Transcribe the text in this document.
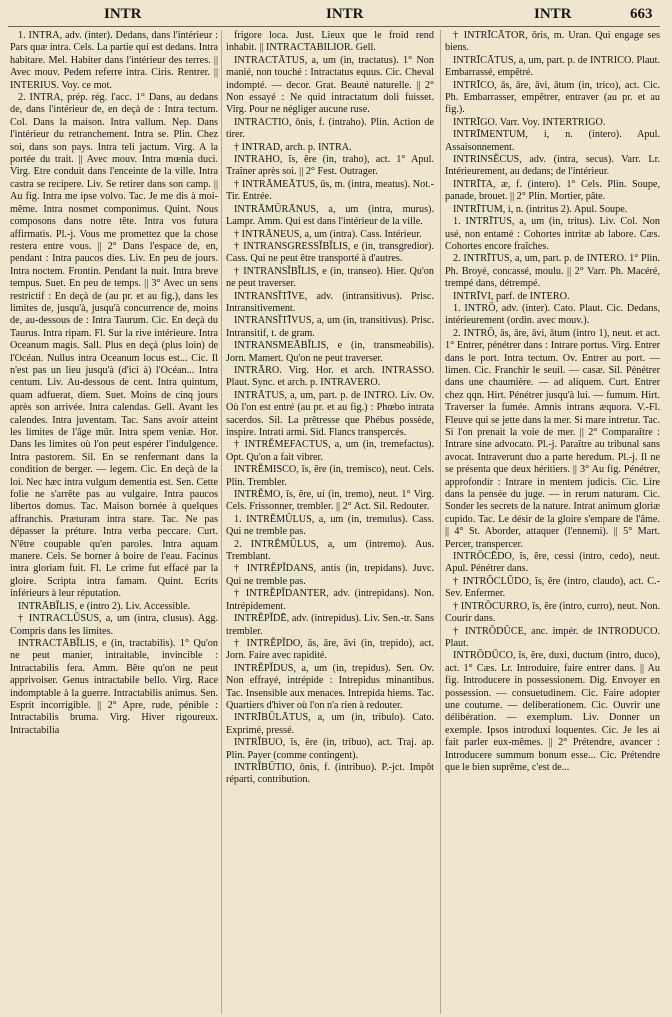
INTR	INTR	INTR	663

1. INTRA, adv. (inter). Dedans, dans l'intérieur : Pars quæ intra. Cels. La partie qui est dedans. Intra habitare. Mel. Habiter dans l'intérieur des terres. || Avec mouv. Pedem referre intra. Ciris. Rentrer. || INTERIUS. Voy. ce mot.

2. INTRA, prép. rég. l'acc. 1° Dans, au dedans de, dans l'intérieur de, en deçà de : Intra tectum. Col. Dans la maison. Intra vallum. Nep. Dans l'intérieur du retranchement. Intra se. Plin. Chez soi, dans son pays. Intra teli jactum. Virg. A la portée du trait. || Avec mouv. Intra mœnia duci. Virg. Etre conduit dans l'enceinte de la ville. Intra castra se recipere. Liv. Se retirer dans son camp. || Au fig. Intra me ipse volvo. Tac. Je me dis à moi-même. Intra nosmet componimus. Quint. Nous composons dans notre tête. Intra vos futura affirmatis. Pl.-j. Vous me promettez que la chose restera entre vous. || 2° Dans l'espace de, en, pendant : Intra paucos dies. Liv. En peu de jours. Intra noctem. Frontin. Pendant la nuit. Intra breve tempus. Suet. En peu de temps. || 3° Avec un sens restrictif : En deçà de (au pr. et au fig.), dans les limites de, jusqu'à, jusqu'à concurrence de, moins de, au-dessous de : Intra Taurum. Cic. En deçà du Taurus. Intra ripam. Fl. Sur la rive intérieure. Intra Oceanum magis. Sall. Plus en deçà (plus loin) de l'Océan. Nullus intra Oceanum locus est... Cic. Il n'est pas un lieu jusqu'à (d'ici à) l'Océan... Intra centum. Liv. Au-dessous de cent. Intra quintum, quam adfuerat, diem. Suet. Moins de cinq jours après son arrivée. Intra calendas. Gell. Avant les calendes. Intra juventam. Tac. Sans avoir atteint les limites de l'âge mûr. Intra spem veniæ. Hor. Dans les limites où l'on peut espérer l'indulgence. Intra pastorem. Sil. En se renfermant dans la condition de berger. — legem. Cic. En deçà de la loi. Nec hæc intra vulgum dementia est. Sen. Cette folie ne s'arrête pas au vulgaire. Intra paucos libertos domus. Tac. Maison bornée à quelques affranchis. Præturam intra stare. Tac. Ne pas dépasser la préture. Intra verba peccare. Curt. N'être coupable qu'en paroles. Intra aquam manere. Cels. Se borner à boire de l'eau. Facinus intra gloriam fuit. Fl. Le crime fut effacé par la gloire. Scripta intra famam. Quint. Ecrits inférieurs à leur réputation.

INTRĀBĬLIS, e (intro 2). Liv. Accessible.

† INTRACLŪSUS, a, um (intra, clusus). Agg. Compris dans les limites.

INTRACTĀBĬLIS, e (in, tractabilis). 1° Qu'on ne peut manier, intraitable, invincible : Intractabilis fera. Amm. Bête qu'on ne peut apprivoiser. Genus intractabile bello. Virg. Race indomptable à la guerre. Intractabilis animus. Sen. Esprit incorrigible. || 2° Apre, rude, pénible : Intractabilis bruma. Virg. Hiver rigoureux. Intractabilia

frigore loca. Just. Lieux que le froid rend inhabit. || INTRACTABILIOR. Gell.

INTRACTĀTUS, a, um (in, tractatus). 1° Non manié, non touché : Intractatus equus. Cic. Cheval indompté. — decor. Grat. Beauté naturelle. || 2° Non essayé : Ne quid intractatum doli fuisset. Virg. Pour ne négliger aucune ruse.

INTRACTIO, ōnis, f. (intraho). Plin. Action de tirer.

† INTRAD, arch. p. INTRA.

INTRAHO, ĭs, ĕre (in, traho), act. 1° Apul. Traîner après soi. || 2° Fest. Outrager.

† INTRĀMEĀTUS, ūs, m. (intra, meatus). Not.-Tir. Entrée.

INTRĀMŪRĀNUS, a, um (intra, murus). Lampr. Amm. Qui est dans l'intérieur de la ville.

† INTRĀNEUS, a, um (intra). Cass. Intérieur.

† INTRANSGRESSĬBĬLIS, e (in, transgredior). Cass. Qui ne peut être transporté à d'autres.

† INTRANSĬBĬLIS, e (in, transeo). Hier. Qu'on ne peut traverser.

INTRANSĬTĪVE, adv. (intransitivus). Prisc. Intransitivement.

INTRANSĬTĪVUS, a, um (in, transitivus). Prisc. Intransitif, t. de gram.

INTRANSMEĀBĬLIS, e (in, transmeabilis). Jorn. Mamert. Qu'on ne peut traverser.

INTRĀRO. Virg. Hor. et arch. INTRASSO. Plaut. Sync. et arch. p. INTRAVERO.

INTRĀTUS, a, um, part. p. de INTRO. Liv. Ov. Où l'on est entré (au pr. et au fig.) : Phœbo intrata sacerdos. Sil. La prêtresse que Phébus possède, inspire. Intrati armi. Sid. Flancs transpercés.

† INTRĔMEFACTUS, a, um (in, tremefactus). Opt. Qu'on a fait vibrer.

INTRĔMISCO, ĭs, ĕre (in, tremisco), neut. Cels. Plin. Trembler.

INTRĔMO, ĭs, ĕre, ui (in, tremo), neut. 1° Virg. Cels. Frissonner, trembler. || 2° Act. Sil. Redouter.

1. INTRĔMŬLUS, a, um (in, tremulus). Cass. Qui ne tremble pas.

2. INTRĔMŬLUS, a, um (intremo). Aus. Tremblant.

† INTRĔPĬDANS, antis (in, trepidans). Juvc. Qui ne tremble pas.

† INTRĔPĬDANTER, adv. (intrepidans). Non. Intrépidement.

INTRĔPĬDĒ, adv. (intrepidus). Liv. Sen.-tr. Sans trembler.

† INTRĔPĬDO, ās, āre, āvi (in, trepido), act. Jorn. Faire avec rapidité.

INTRĔPĬDUS, a, um (in, trepidus). Sen. Ov. Non effrayé, intrépide : Intrepidus minantibus. Tac. Insensible aux menaces. Intrepida hiems. Tac. Quartiers d'hiver où l'on n'a rien à redouter.

INTRĪBŪLĀTUS, a, um (in, tribulo). Cato. Exprimé, pressé.

INTRĬBUO, ĭs, ĕre (in, tribuo), act. Traj. ap. Plin. Payer (comme contingent).

INTRĬBŪTIO, ōnis, f. (intribuo). P.-jct. Impôt réparti, contribution.

† INTRĪCĀTOR, ōris, m. Uran. Qui engage ses biens.

INTRĪCĀTUS, a, um, part. p. de INTRICO. Plaut. Embarrassé, empêtré.

INTRĪCO, ās, āre, āvi, ātum (in, trico), act. Cic. Ph. Embarrasser, empêtrer, entraver (au pr. et au fig.).

INTRĪGO. Varr. Voy. INTERTRIGO.

INTRĪMENTUM, i, n. (intero). Apul. Assaisonnement.

INTRINSĔCUS, adv. (intra, secus). Varr. Lr. Intérieurement, au dedans; de l'intérieur.

INTRĪTA, æ, f. (intero). 1° Cels. Plin. Soupe, panade, brouet. || 2° Plin. Mortier, pâte.

INTRĪTUM, i, n. (intritus 2). Apul. Soupe.

1. INTRĪTUS, a, um (in, tritus). Liv. Col. Non usé, non entamé : Cohortes intritæ ab labore. Cæs. Cohortes encore fraîches.

2. INTRĪTUS, a, um, part. p. de INTERO. 1° Plin. Ph. Broyé, concassé, moulu. || 2° Varr. Ph. Macéré, trempé dans, détrempé.

INTRĪVI, parf. de INTERO.

1. INTRŌ, adv. (inter). Cato. Plaut. Cic. Dedans, intérieurement (ordin. avec mouv.).

2. INTRŌ, ās, āre, āvi, ātum (intro 1), neut. et act. 1° Entrer, pénétrer dans : Intrare portus. Virg. Entrer dans le port. Intra tectum. Ov. Entrer au port. — limen. Cic. Franchir le seuil. — casæ. Sil. Pénétrer dans une chaumière. — ad aliquem. Curt. Entrer chez qqn. Hirt. Pénétrer jusqu'à lui. — fumum. Hirt. Traverser la fumée. Amnis intrans æquora. V.-Fl. Fleuve qui se jette dans la mer. Si mare intretur. Tac. Si l'on prenait la voie de mer. || 2° Comparaître : Intrare sine advocato. Pl.-j. Paraître au tribunal sans avocat. Intraverunt duo a parte heredum. Pl.-j. Il ne se présenta que deux héritiers. || 3° Au fig. Pénétrer, approfondir : Intrare in mentem judicis. Cic. Lire dans la pensée du juge. — in rerum naturam. Cic. Sonder les secrets de la nature. Intrat animum gloriæ cupido. Tac. Le désir de la gloire s'empare de l'âme. || 4° St. Aborder, attaquer (l'ennemi). || 5° Mart. Percer, transpercer.

INTRŌCĒDO, ĭs, ĕre, cessi (intro, cedo), neut. Apul. Pénétrer dans.

† INTRŌCLŪDO, ĭs, ĕre (intro, claudo), act. C.-Sev. Enfermer.

† INTRŌCURRO, ĭs, ĕre (intro, curro), neut. Non. Courir dans.

† INTRŌDŪCE, anc. impér. de INTRODUCO. Plaut.

INTRŌDŪCO, ĭs, ĕre, duxi, ductum (intro, duco), act. 1° Cæs. Lr. Introduire, faire entrer dans. || Au fig. Introducere in possessionem. Dig. Envoyer en possession. — consuetudinem. Cic. Faire adopter une coutume. — deliberationem. Cic. Ouvrir une délibération. — exemplum. Liv. Donner un exemple. Ipsos introduxi loquentes. Cic. Je les ai fait parler eux-mêmes. || 2° Prétendre, avancer : Introducere summum bonum esse... Cic. Prétendre que le bien suprême, c'est de...
